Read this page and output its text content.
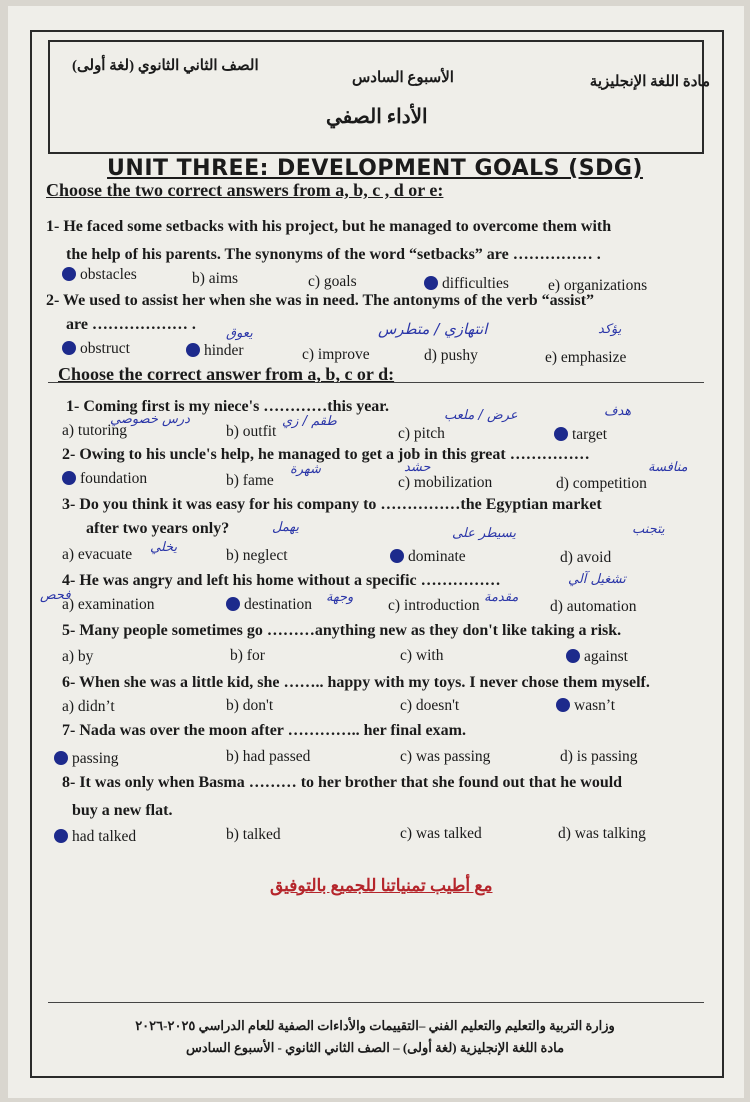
مادة اللغة الإنجليزية
الأسبوع السادس
الصف الثاني الثانوي (لغة أولى)
الأداء الصفي
UNIT THREE: DEVELOPMENT GOALS (SDG)
Choose the two correct answers from a, b, c , d or e:
1- He faced some setbacks with his project, but he managed to overcome them with
the help of his parents. The synonyms of the word “setbacks” are …………… .
obstacles	b) aims	c) goals	difficulties	e) organizations
2- We used to assist her when she was in need. The antonyms of the verb “assist”
are ……………… .
obstruct	hinder	c) improve	d) pushy	e) emphasize
يعوق	انتهازي / متطرس	يؤكد
Choose the correct answer from a, b, c or d:
1- Coming first is my niece's …………this year.
a) tutoring	b) outfit	c) pitch	target
درس خصوصي	طقم / زي	عرض / ملعب	هدف
2- Owing to his uncle's help, he managed to get a job in this great ……………
foundation	b) fame	c) mobilization	d) competition
شهرة	حشد	منافسة
3- Do you think it was easy for his company to ……………the Egyptian market
after two years only?
a) evacuate	b) neglect	dominate	d) avoid
يهمل	يسيطر على
يخلي
يتجنب
4- He was angry and left his home without a specific ……………
a) examination	destination	c) introduction	d) automation
تشغيل آلي
وجهة	مقدمة
فحص
5- Many people sometimes go ………anything new as they don't like taking a risk.
a) by	b) for	c) with	against
6- When she was a little kid, she …….. happy with my toys. I never chose them myself.
a) didn’t	b) don't	c) doesn't	wasn’t
7- Nada was over the moon after ………….. her final exam.
passing	b) had passed	c) was passing	d) is passing
8- It was only when Basma ……… to her brother that she found out that he would
buy a new flat.
had talked	b) talked	c) was talked	d) was talking
مع أطيب تمنياتنا للجميع بالتوفيق
وزارة التربية والتعليم والتعليم الفني –التقييمات والأداءات الصفية للعام الدراسي ٢٠٢٥-٢٠٢٦
مادة اللغة الإنجليزية (لغة أولى) – الصف الثاني الثانوي - الأسبوع السادس
